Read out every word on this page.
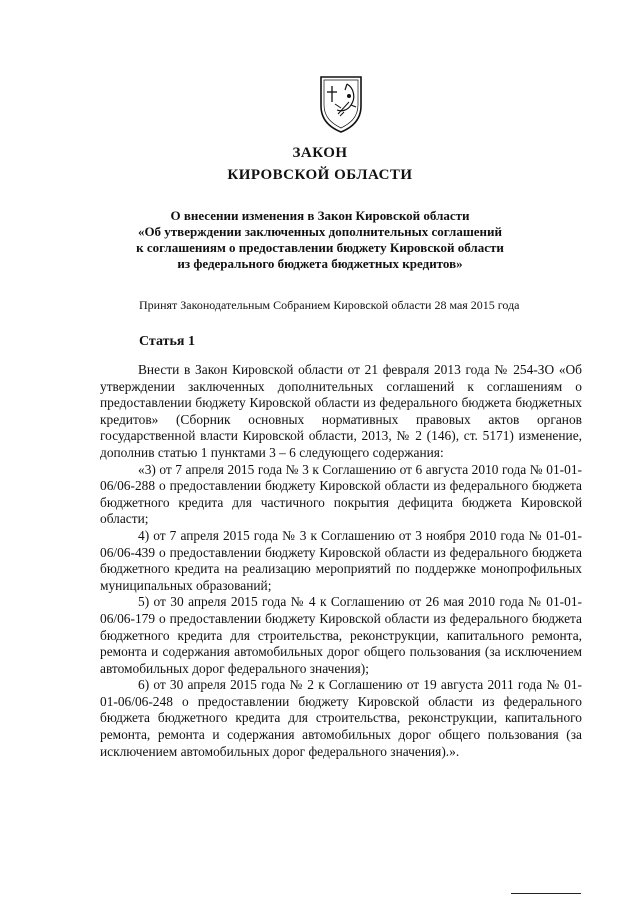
ЗАКОН
КИРОВСКОЙ ОБЛАСТИ
О внесении изменения в Закон Кировской области
«Об утверждении заключенных дополнительных соглашений
к соглашениям о предоставлении бюджету Кировской области
из федерального бюджета бюджетных кредитов»
Принят Законодательным Собранием Кировской области 28 мая 2015 года
Статья 1

Внести в Закон Кировской области от 21 февраля 2013 года № 254-ЗО «Об утверждении заключенных дополнительных соглашений к соглашениям о предоставлении бюджету Кировской области из федерального бюджета бюджетных кредитов» (Сборник основных нормативных правовых актов органов государственной власти Кировской области, 2013, № 2 (146), ст. 5171) изменение, дополнив статью 1 пунктами 3 – 6 следующего содержания:

«3) от 7 апреля 2015 года № 3 к Соглашению от 6 августа 2010 года № 01-01-06/06-288 о предоставлении бюджету Кировской области из федерального бюджета бюджетного кредита для частичного покрытия дефицита бюджета Кировской области;

4) от 7 апреля 2015 года № 3 к Соглашению от 3 ноября 2010 года № 01-01-06/06-439 о предоставлении бюджету Кировской области из федерального бюджета бюджетного кредита на реализацию мероприятий по поддержке монопрофильных муниципальных образований;

5) от 30 апреля 2015 года № 4 к Соглашению от 26 мая 2010 года № 01-01-06/06-179 о предоставлении бюджету Кировской области из федерального бюджета бюджетного кредита для строительства, реконструкции, капитального ремонта, ремонта и содержания автомобильных дорог общего пользования (за исключением автомобильных дорог федерального значения);

6) от 30 апреля 2015 года № 2 к Соглашению от 19 августа 2011 года № 01-01-06/06-248 о предоставлении бюджету Кировской области из федерального бюджета бюджетного кредита для строительства, реконструкции, капитального ремонта, ремонта и содержания автомобильных дорог общего пользования (за исключением автомобильных дорог федерального значения).».
